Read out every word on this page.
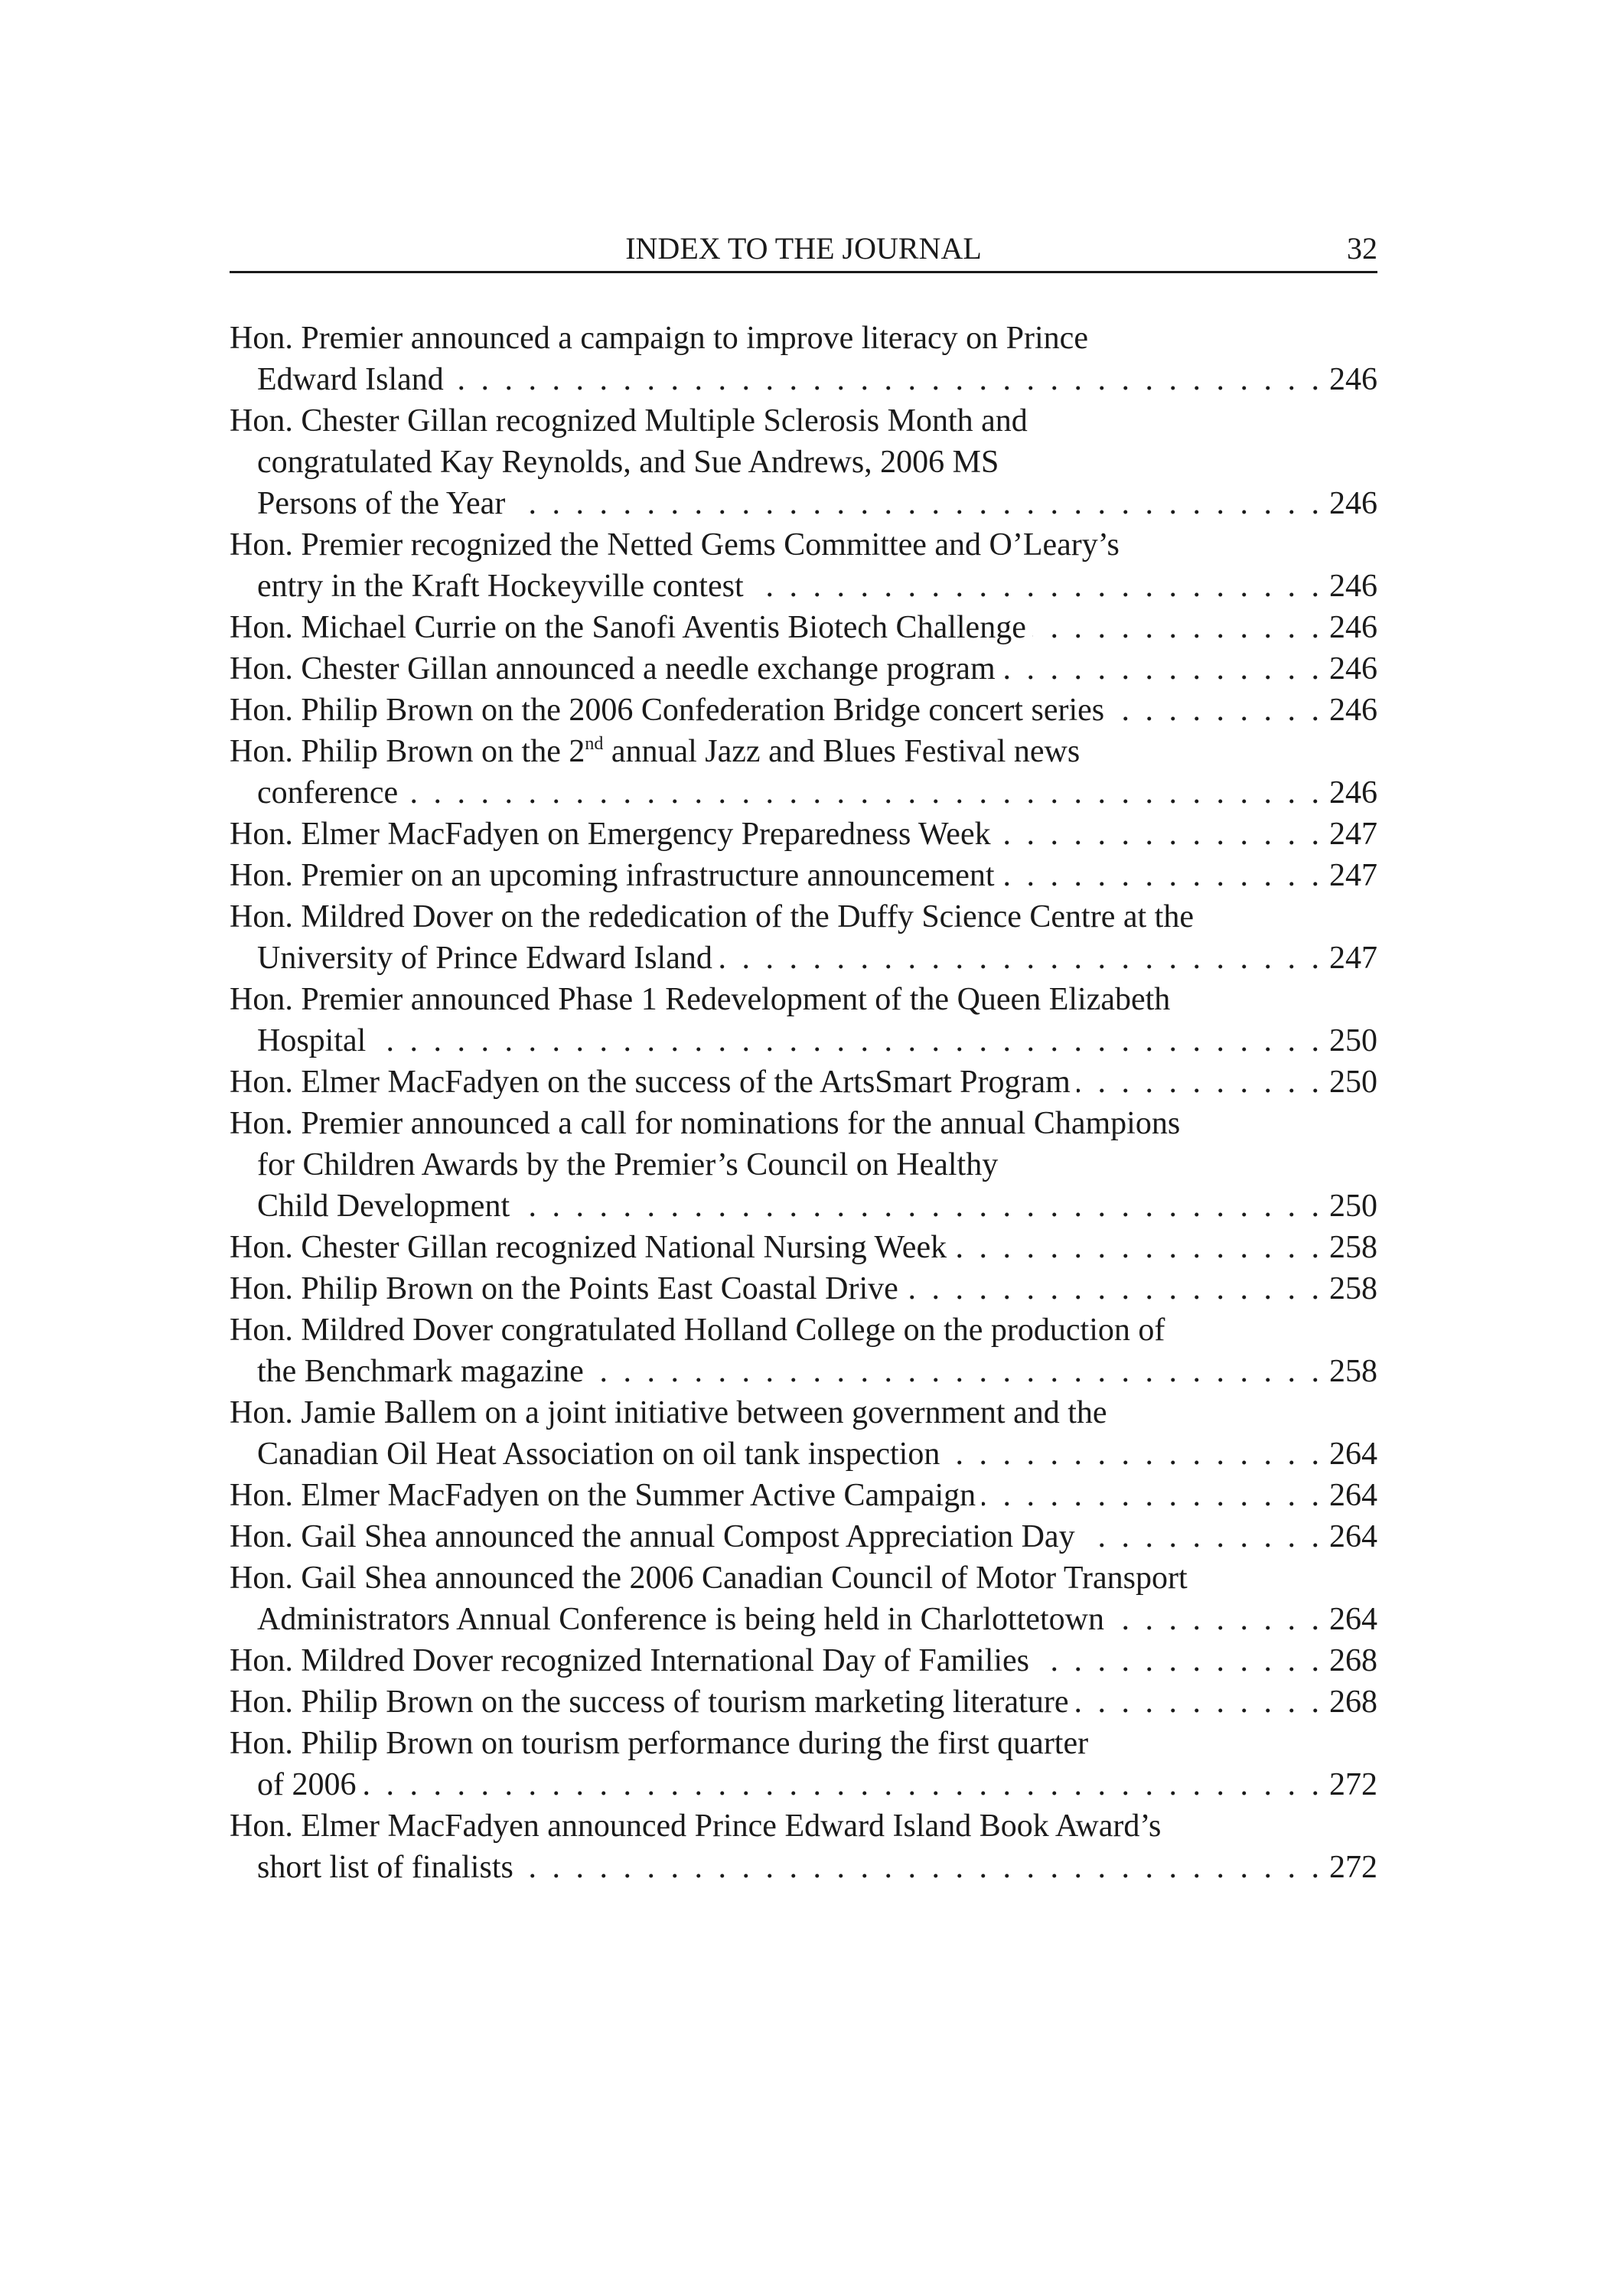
INDEX TO THE JOURNAL	32
Hon. Premier announced a campaign to improve literacy on Prince
Edward Island . . .	246
Hon. Chester Gillan recognized Multiple Sclerosis Month and
congratulated Kay Reynolds, and Sue Andrews, 2006 MS
Persons of the Year . . .	246
Hon. Premier recognized the Netted Gems Committee and O’Leary’s
entry in the Kraft Hockeyville contest . . .	246
Hon. Michael Currie on the Sanofi Aventis Biotech Challenge . . .	246
Hon. Chester Gillan announced a needle exchange program . . .	246
Hon. Philip Brown on the 2006 Confederation Bridge concert series . . .	246
Hon. Philip Brown on the 2nd annual Jazz and Blues Festival news
conference . . .	246
Hon. Elmer MacFadyen on Emergency Preparedness Week . . .	247
Hon. Premier on an upcoming infrastructure announcement . . .	247
Hon. Mildred Dover on the rededication of the Duffy Science Centre at the
University of Prince Edward Island . . .	247
Hon. Premier announced Phase 1 Redevelopment of the Queen Elizabeth
Hospital . . .	250
Hon. Elmer MacFadyen on the success of the ArtsSmart Program . . .	250
Hon. Premier announced a call for nominations for the annual Champions
for Children Awards by the Premier’s Council on Healthy
Child Development . . .	250
Hon. Chester Gillan recognized National Nursing Week . . .	258
Hon. Philip Brown on the Points East Coastal Drive . . .	258
Hon. Mildred Dover congratulated Holland College on the production of
the Benchmark magazine . . .	258
Hon. Jamie Ballem on a joint initiative between government and the
Canadian Oil Heat Association on oil tank inspection . . .	264
Hon. Elmer MacFadyen on the Summer Active Campaign . . .	264
Hon. Gail Shea announced the annual Compost Appreciation Day . . .	264
Hon. Gail Shea announced the 2006 Canadian Council of Motor Transport
Administrators Annual Conference is being held in Charlottetown . . .	264
Hon. Mildred Dover recognized International Day of Families . . .	268
Hon. Philip Brown on the success of tourism marketing literature . . .	268
Hon. Philip Brown on tourism performance during the first quarter
of 2006 . . .	272
Hon. Elmer MacFadyen announced Prince Edward Island Book Award’s
short list of finalists . . .	272
